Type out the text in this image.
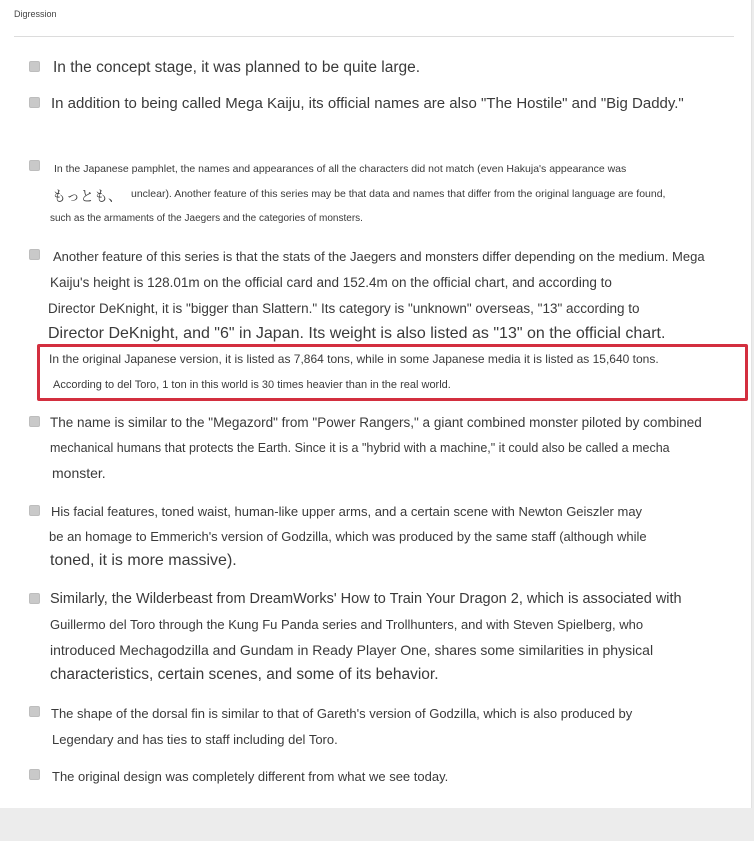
Digression
In the concept stage, it was planned to be quite large.
In addition to being called Mega Kaiju, its official names are also "The Hostile" and "Big Daddy."
In the Japanese pamphlet, the names and appearances of all the characters did not match (even Hakuja's appearance was
もっとも、 unclear). Another feature of this series may be that data and names that differ from the original language are found,
such as the armaments of the Jaegers and the categories of monsters.
Another feature of this series is that the stats of the Jaegers and monsters differ depending on the medium. Mega
Kaiju's height is 128.01m on the official card and 152.4m on the official chart, and according to
Director DeKnight, it is "bigger than Slattern." Its category is "unknown" overseas, "13" according to
Director DeKnight, and "6" in Japan. Its weight is also listed as "13" on the official chart.
In the original Japanese version, it is listed as 7,864 tons, while in some Japanese media it is listed as 15,640 tons.
According to del Toro, 1 ton in this world is 30 times heavier than in the real world.
The name is similar to the "Megazord" from "Power Rangers," a giant combined monster piloted by combined
mechanical humans that protects the Earth. Since it is a "hybrid with a machine," it could also be called a mecha
monster.
His facial features, toned waist, human-like upper arms, and a certain scene with Newton Geiszler may
be an homage to Emmerich's version of Godzilla, which was produced by the same staff (although while
toned, it is more massive).
Similarly, the Wilderbeast from DreamWorks' How to Train Your Dragon 2, which is associated with
Guillermo del Toro through the Kung Fu Panda series and Trollhunters, and with Steven Spielberg, who
introduced Mechagodzilla and Gundam in Ready Player One, shares some similarities in physical
characteristics, certain scenes, and some of its behavior.
The shape of the dorsal fin is similar to that of Gareth's version of Godzilla, which is also produced by
Legendary and has ties to staff including del Toro.
The original design was completely different from what we see today.
